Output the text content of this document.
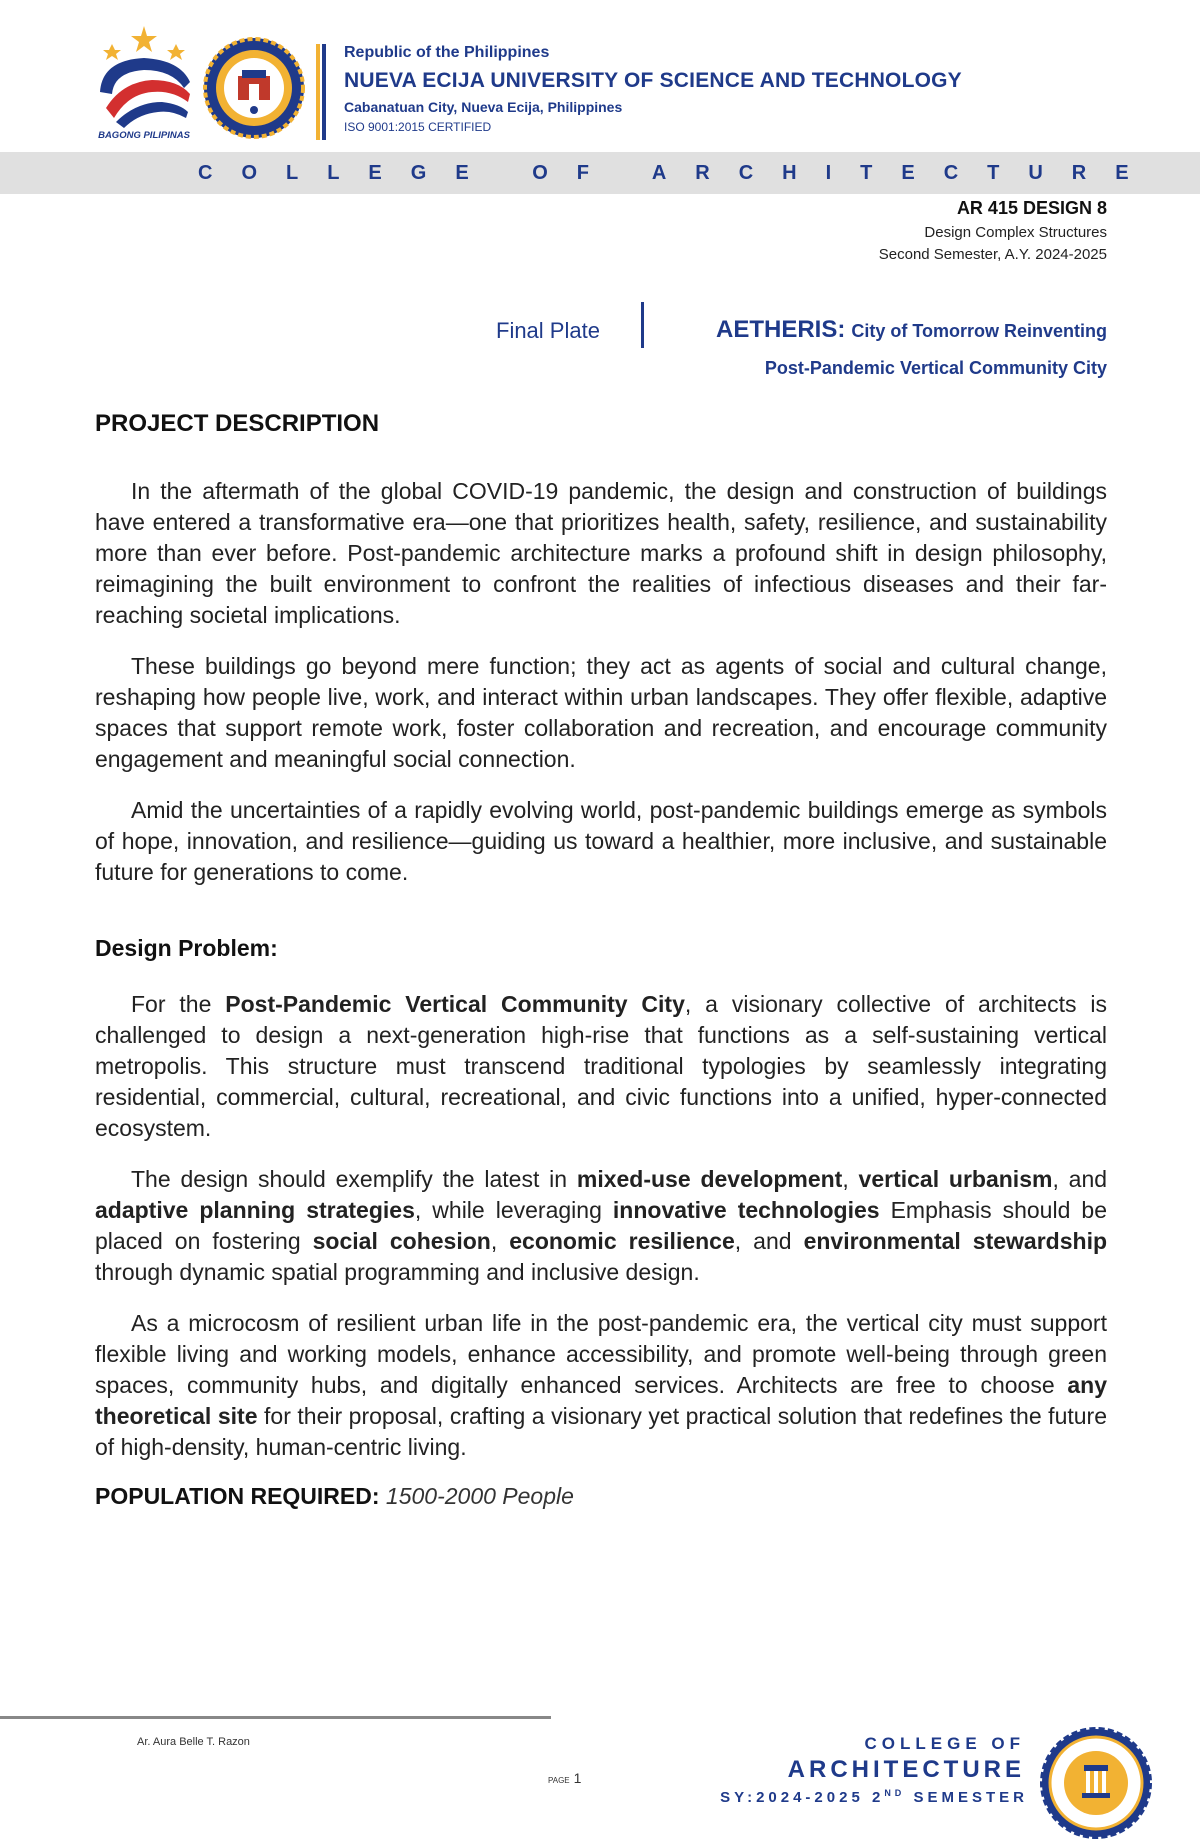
BAGONG PILIPINAS
Republic of the Philippines
NUEVA ECIJA UNIVERSITY OF SCIENCE AND TECHNOLOGY
Cabanatuan City, Nueva Ecija, Philippines
ISO 9001:2015 CERTIFIED
COLLEGE OF ARCHITECTURE
AR 415 DESIGN 8
Design Complex Structures
Second Semester, A.Y. 2024-2025
Final Plate	AETHERIS: City of Tomorrow Reinventing
Post-Pandemic Vertical Community City
PROJECT DESCRIPTION

In the aftermath of the global COVID-19 pandemic, the design and construction of buildings have entered a transformative era—one that prioritizes health, safety, resilience, and sustainability more than ever before. Post-pandemic architecture marks a profound shift in design philosophy, reimagining the built environment to confront the realities of infectious diseases and their far-reaching societal implications.

These buildings go beyond mere function; they act as agents of social and cultural change, reshaping how people live, work, and interact within urban landscapes. They offer flexible, adaptive spaces that support remote work, foster collaboration and recreation, and encourage community engagement and meaningful social connection.

Amid the uncertainties of a rapidly evolving world, post-pandemic buildings emerge as symbols of hope, innovation, and resilience—guiding us toward a healthier, more inclusive, and sustainable future for generations to come.

Design Problem:

For the Post-Pandemic Vertical Community City, a visionary collective of architects is challenged to design a next-generation high-rise that functions as a self-sustaining vertical metropolis. This structure must transcend traditional typologies by seamlessly integrating residential, commercial, cultural, recreational, and civic functions into a unified, hyper-connected ecosystem.

The design should exemplify the latest in mixed-use development, vertical urbanism, and adaptive planning strategies, while leveraging innovative technologies Emphasis should be placed on fostering social cohesion, economic resilience, and environmental stewardship through dynamic spatial programming and inclusive design.

As a microcosm of resilient urban life in the post-pandemic era, the vertical city must support flexible living and working models, enhance accessibility, and promote well-being through green spaces, community hubs, and digitally enhanced services. Architects are free to choose any theoretical site for their proposal, crafting a visionary yet practical solution that redefines the future of high-density, human-centric living.

POPULATION REQUIRED: 1500-2000 People

Ar. Aura Belle T. Razon
PAGE 1
COLLEGE OF
ARCHITECTURE
SY:2024-2025 2ND SEMESTER
